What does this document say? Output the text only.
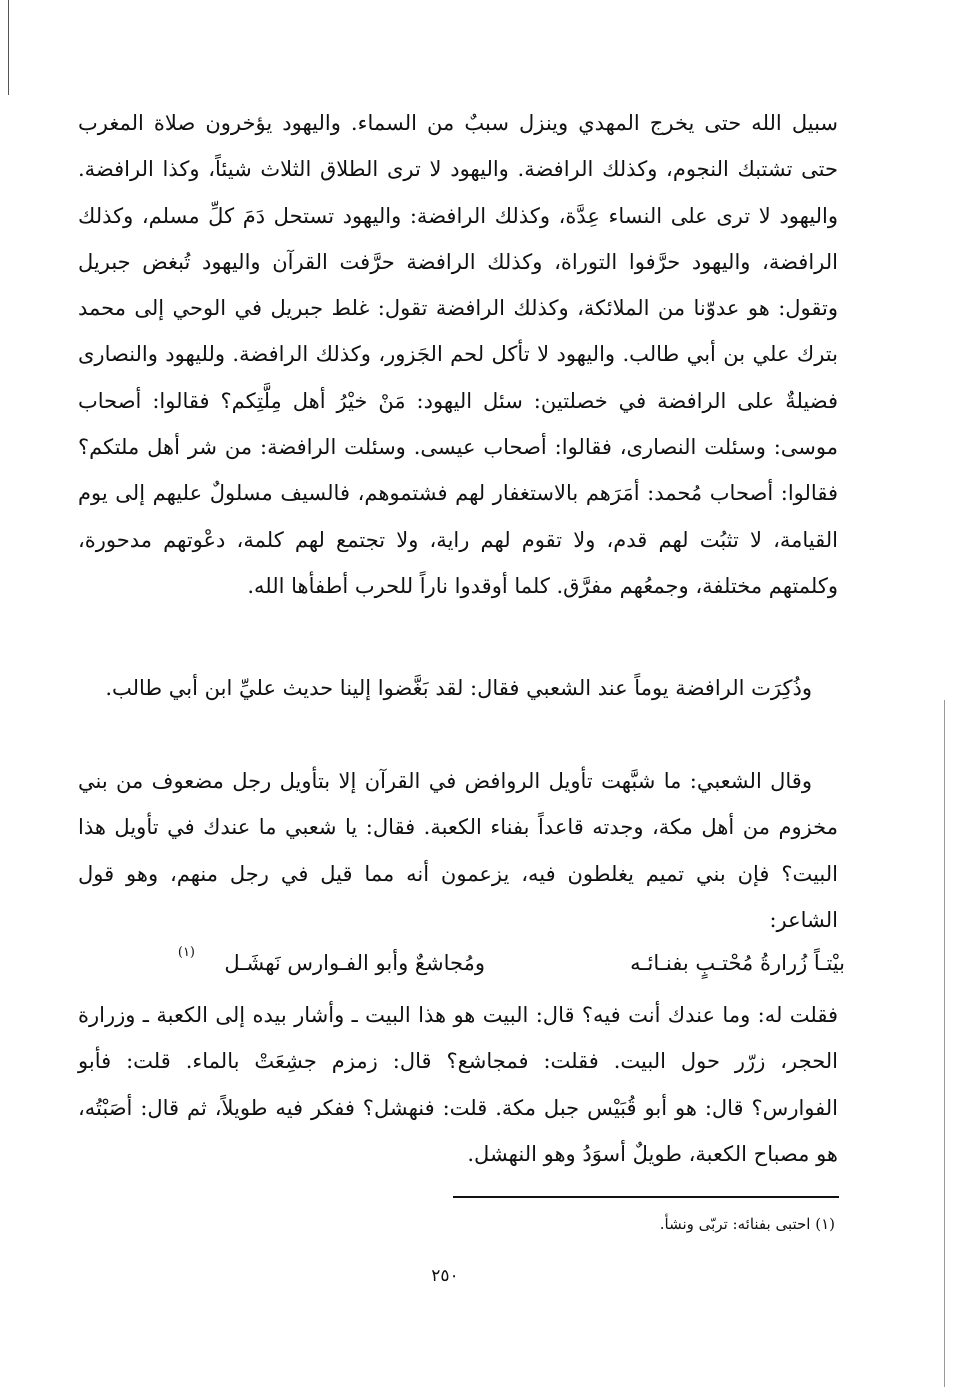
سبيل الله حتى يخرج المهدي وينزل سببٌ من السماء. واليهود يؤخرون صلاة المغرب حتى تشتبك النجوم، وكذلك الرافضة. واليهود لا ترى الطلاق الثلاث شيئاً، وكذا الرافضة. واليهود لا ترى على النساء عِدَّة، وكذلك الرافضة: واليهود تستحل دَمَ كلِّ مسلم، وكذلك الرافضة، واليهود حرَّفوا التوراة، وكذلك الرافضة حرَّفت القرآن واليهود تُبغض جبريل وتقول: هو عدوّنا من الملائكة، وكذلك الرافضة تقول: غلط جبريل في الوحي إلى محمد بترك علي بن أبي طالب. واليهود لا تأكل لحم الجَزور، وكذلك الرافضة. ولليهود والنصارى فضيلةٌ على الرافضة في خصلتين: سئل اليهود: مَنْ خيْرُ أهل مِلَّتِكم؟ فقالوا: أصحاب موسى: وسئلت النصارى، فقالوا: أصحاب عيسى. وسئلت الرافضة: من شر أهل ملتكم؟ فقالوا: أصحاب مُحمد: أمَرَهم بالاستغفار لهم فشتموهم، فالسيف مسلولٌ عليهم إلى يوم القيامة، لا تثبُت لهم قدم، ولا تقوم لهم راية، ولا تجتمع لهم كلمة، دعْوتهم مدحورة، وكلمتهم مختلفة، وجمعُهم مفرَّق. كلما أوقدوا ناراً للحرب أطفأها الله.

وذُكِرَت الرافضة يوماً عند الشعبي فقال: لقد بَغَّضوا إلينا حديث عليِّ ابن أبي طالب.

وقال الشعبي: ما شبَّهت تأويل الروافض في القرآن إلا بتأويل رجل مضعوف من بني مخزوم من أهل مكة، وجدته قاعداً بفناء الكعبة. فقال: يا شعبي ما عندك في تأويل هذا البيت؟ فإن بني تميم يغلطون فيه، يزعمون أنه مما قيل في رجل منهم، وهو قول الشاعر:

بيْتـاً زُرارةُ مُحْتـبٍ بفنـائـه
ومُجاشعٌ وأبو الفـوارس نَهشَـل
(١)

فقلت له: وما عندك أنت فيه؟ قال: البيت هو هذا البيت ـ وأشار بيده إلى الكعبة ـ وزرارة الحجر، زرّر حول البيت. فقلت: فمجاشع؟ قال: زمزم جشِعَتْ بالماء. قلت: فأبو الفوارس؟ قال: هو أبو قُبَيْس جبل مكة. قلت: فنهشل؟ ففكر فيه طويلاً، ثم قال: أصَبْتُه، هو مصباح الكعبة، طويلٌ أسوَدُ وهو النهشل.

(١) احتبى بفنائه: تربّى ونشأ.
٢٥٠
